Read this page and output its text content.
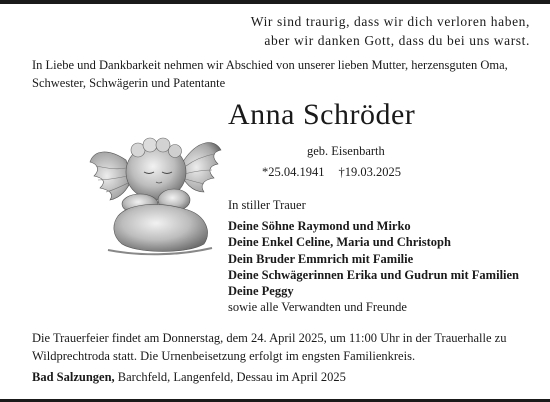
Wir sind traurig, dass wir dich verloren haben,
aber wir danken Gott, dass du bei uns warst.
In Liebe und Dankbarkeit nehmen wir Abschied von unserer lieben Mutter, herzensguten Oma, Schwester, Schwägerin und Patentante
Anna Schröder
geb. Eisenbarth
*25.04.1941 †19.03.2025
In stiller Trauer
Deine Söhne Raymond und Mirko
Deine Enkel Celine, Maria und Christoph
Dein Bruder Emmrich mit Familie
Deine Schwägerinnen Erika und Gudrun mit Familien
Deine Peggy
sowie alle Verwandten und Freunde
Die Trauerfeier findet am Donnerstag, dem 24. April 2025, um 11:00 Uhr in der Trauerhalle zu Wildprechtroda statt. Die Urnenbeisetzung erfolgt im engsten Familienkreis.
Bad Salzungen, Barchfeld, Langenfeld, Dessau im April 2025
